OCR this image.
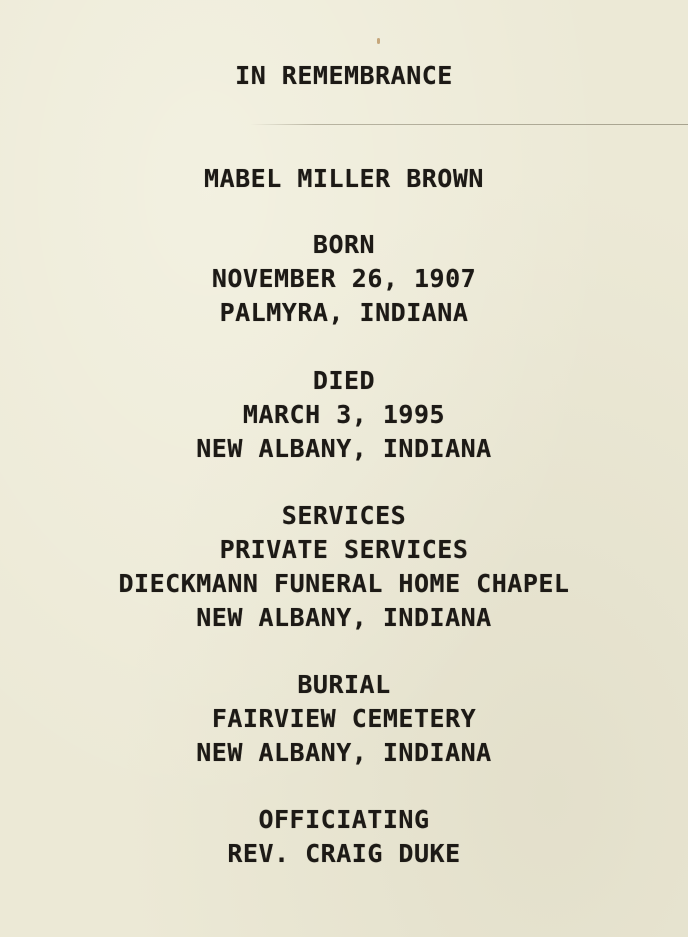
IN REMEMBRANCE
MABEL MILLER BROWN
BORN
NOVEMBER 26, 1907
PALMYRA, INDIANA
DIED
MARCH 3, 1995
NEW ALBANY, INDIANA
SERVICES
PRIVATE SERVICES
DIECKMANN FUNERAL HOME CHAPEL
NEW ALBANY, INDIANA
BURIAL
FAIRVIEW CEMETERY
NEW ALBANY, INDIANA
OFFICIATING
REV. CRAIG DUKE
